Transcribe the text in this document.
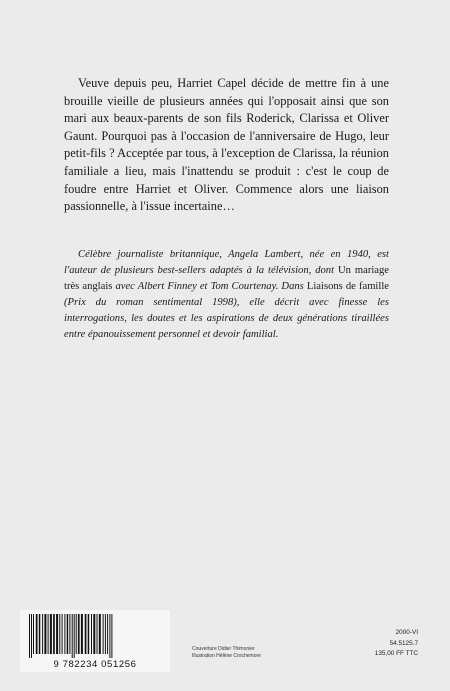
Veuve depuis peu, Harriet Capel décide de mettre fin à une brouille vieille de plusieurs années qui l'opposait ainsi que son mari aux beaux-parents de son fils Roderick, Clarissa et Oliver Gaunt. Pourquoi pas à l'occasion de l'anniversaire de Hugo, leur petit-fils ? Acceptée par tous, à l'exception de Clarissa, la réunion familiale a lieu, mais l'inattendu se produit : c'est le coup de foudre entre Harriet et Oliver. Commence alors une liaison passionnelle, à l'issue incertaine…

Célèbre journaliste britannique, Angela Lambert, née en 1940, est l'auteur de plusieurs best-sellers adaptés à la télévision, dont Un mariage très anglais avec Albert Finney et Tom Courtenay. Dans Liaisons de famille (Prix du roman sentimental 1998), elle décrit avec finesse les interrogations, les doutes et les aspirations de deux générations tiraillées entre épanouissement personnel et devoir familial.

9 782234 051256
Couverture Didier Thimonier
Illustration Hélène Crochemore
2000-VI
54.5125.7
135,00 FF TTC
